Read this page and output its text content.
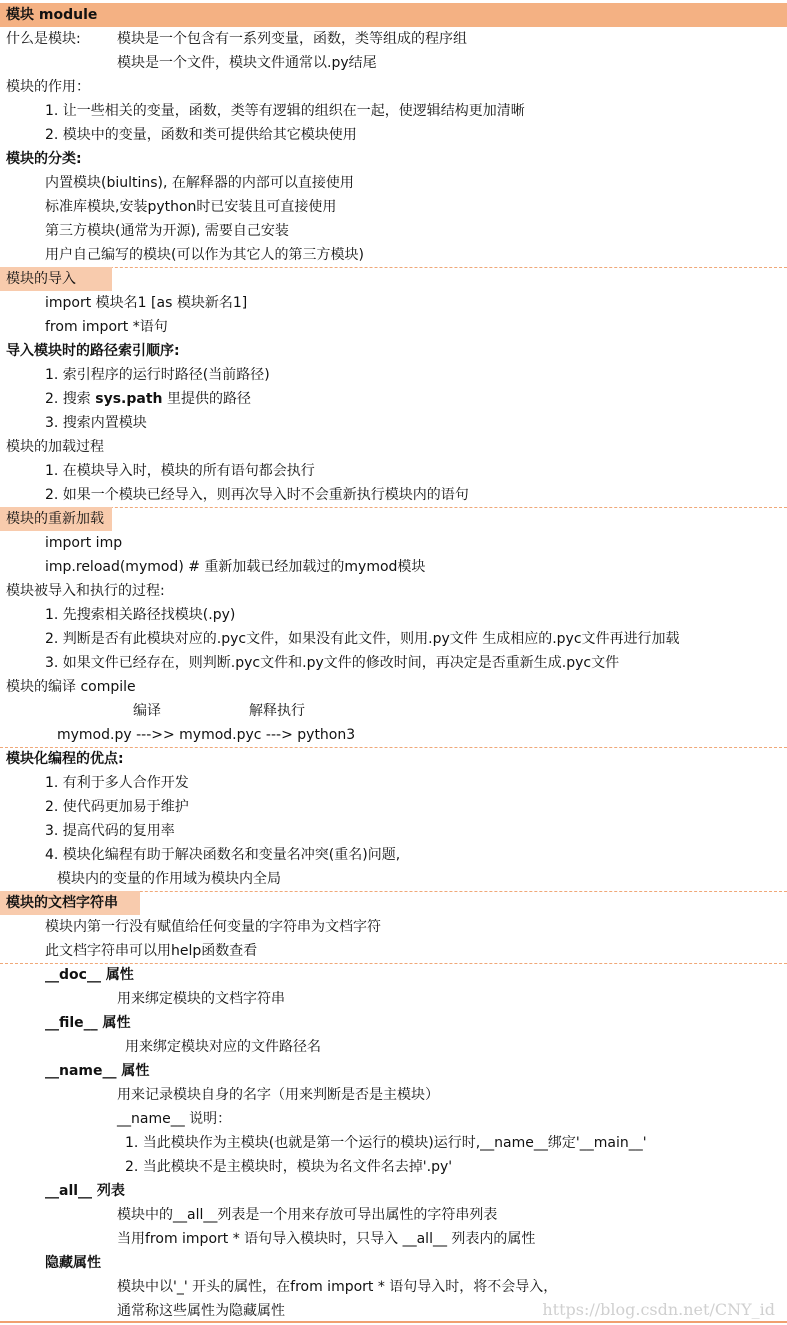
模块 module
什么是模块:	模块是一个包含有一系列变量，函数，类等组成的程序组
模块是一个文件，模块文件通常以.py结尾
模块的作用：
1. 让一些相关的变量，函数，类等有逻辑的组织在一起，使逻辑结构更加清晰
2. 模块中的变量，函数和类可提供给其它模块使用
模块的分类:
内置模块(biultins), 在解释器的内部可以直接使用
标准库模块,安装python时已安装且可直接使用
第三方模块(通常为开源), 需要自己安装
用户自己编写的模块(可以作为其它人的第三方模块)
模块的导入
import 模块名1 [as 模块新名1]
from import *语句
导入模块时的路径索引顺序:
1. 索引程序的运行时路径(当前路径)
2. 搜索 sys.path 里提供的路径
3. 搜索内置模块
模块的加载过程
1. 在模块导入时，模块的所有语句都会执行
2. 如果一个模块已经导入，则再次导入时不会重新执行模块内的语句
模块的重新加载
import imp
imp.reload(mymod) # 重新加载已经加载过的mymod模块
模块被导入和执行的过程:
1. 先搜索相关路径找模块(.py)
2. 判断是否有此模块对应的.pyc文件，如果没有此文件，则用.py文件 生成相应的.pyc文件再进行加载
3. 如果文件已经存在，则判断.pyc文件和.py文件的修改时间，再决定是否重新生成.pyc文件
模块的编译 compile
编译	解释执行
mymod.py --->> mymod.pyc ---> python3
模块化编程的优点:
1. 有利于多人合作开发
2. 使代码更加易于维护
3. 提高代码的复用率
4. 模块化编程有助于解决函数名和变量名冲突(重名)问题,
模块内的变量的作用域为模块内全局
模块的文档字符串
模块内第一行没有赋值给任何变量的字符串为文档字符
此文档字符串可以用help函数查看
__doc__ 属性
用来绑定模块的文档字符串
__file__ 属性
用来绑定模块对应的文件路径名
__name__ 属性
用来记录模块自身的名字（用来判断是否是主模块）
__name__ 说明：
1. 当此模块作为主模块(也就是第一个运行的模块)运行时,__name__绑定'__main__'
2. 当此模块不是主模块时，模块为名文件名去掉'.py'
__all__ 列表
模块中的__all__列表是一个用来存放可导出属性的字符串列表
当用from import * 语句导入模块时，只导入 __all__ 列表内的属性
隐藏属性
模块中以'_' 开头的属性，在from import * 语句导入时，将不会导入，
通常称这些属性为隐藏属性	https://blog.csdn.net/CNY_id
